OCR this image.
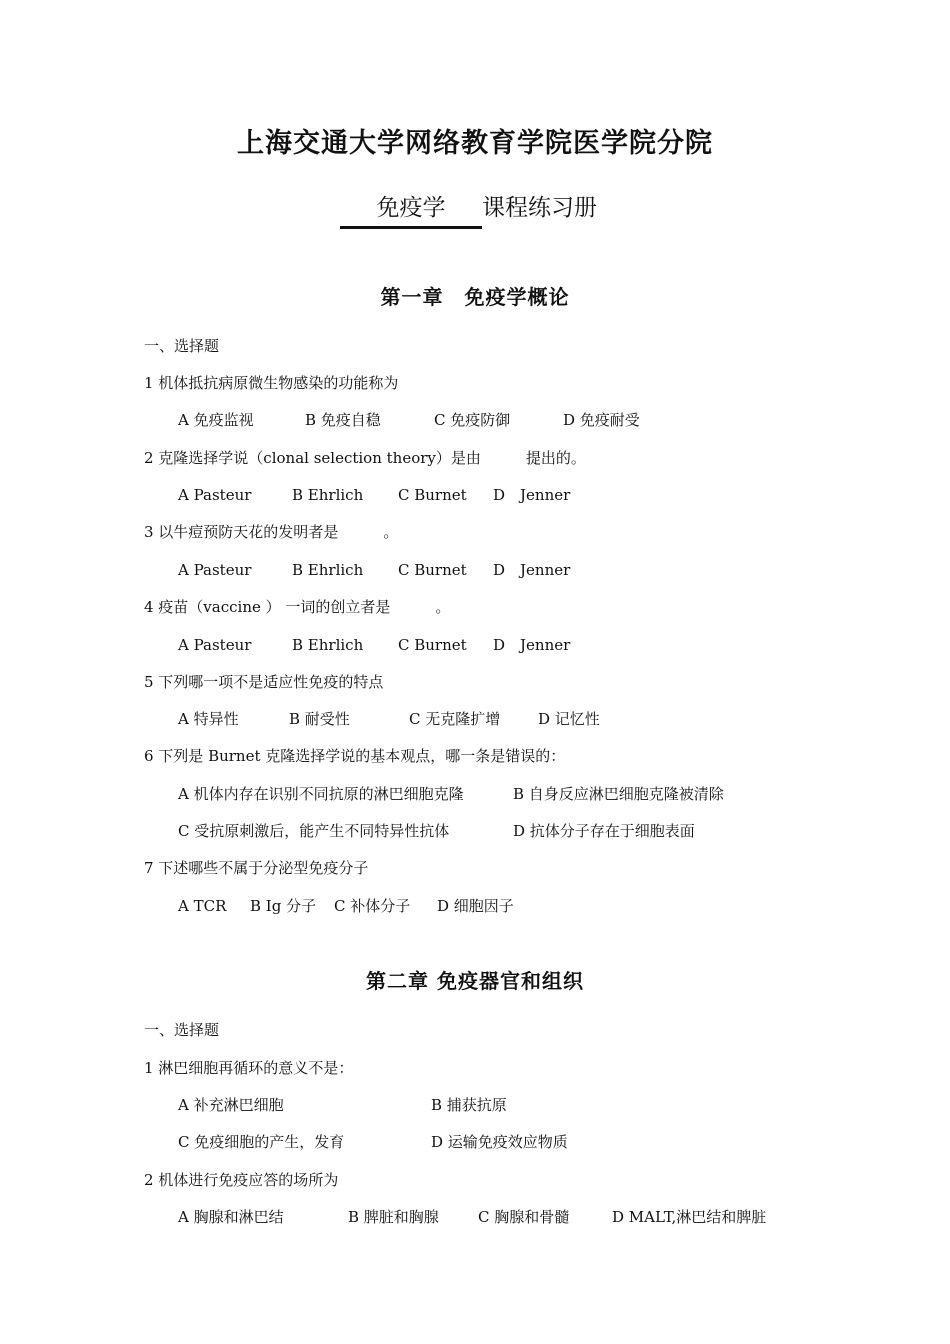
上海交通大学网络教育学院医学院分院
免疫学 课程练习册
第一章　免疫学概论
一、选择题
1 机体抵抗病原微生物感染的功能称为
A 免疫监视	B 免疫自稳	C 免疫防御	D 免疫耐受
2 克隆选择学说（clonal selection theory）是由　　　提出的。
A Pasteur	B Ehrlich C Burnet D　Jenner
3 以牛痘预防天花的发明者是　　　。
A Pasteur	B Ehrlich C Burnet D　Jenner
4 疫苗（vaccine ） 一词的创立者是　　　。
A Pasteur	B Ehrlich C Burnet D　Jenner
5 下列哪一项不是适应性免疫的特点
A 特异性	B 耐受性	C 无克隆扩增	D 记忆性
6 下列是 Burnet 克隆选择学说的基本观点，哪一条是错误的：
A 机体内存在识别不同抗原的淋巴细胞克隆	B 自身反应淋巴细胞克隆被清除
C 受抗原刺激后，能产生不同特异性抗体	D 抗体分子存在于细胞表面
7 下述哪些不属于分泌型免疫分子
A TCR B Ig 分子 C 补体分子 D 细胞因子
第二章 免疫器官和组织
一、选择题
1 淋巴细胞再循环的意义不是：
A 补充淋巴细胞	B 捕获抗原
C 免疫细胞的产生，发育	D 运输免疫效应物质
2 机体进行免疫应答的场所为
A 胸腺和淋巴结	B 脾脏和胸腺	C 胸腺和骨髓	D MALT,淋巴结和脾脏
